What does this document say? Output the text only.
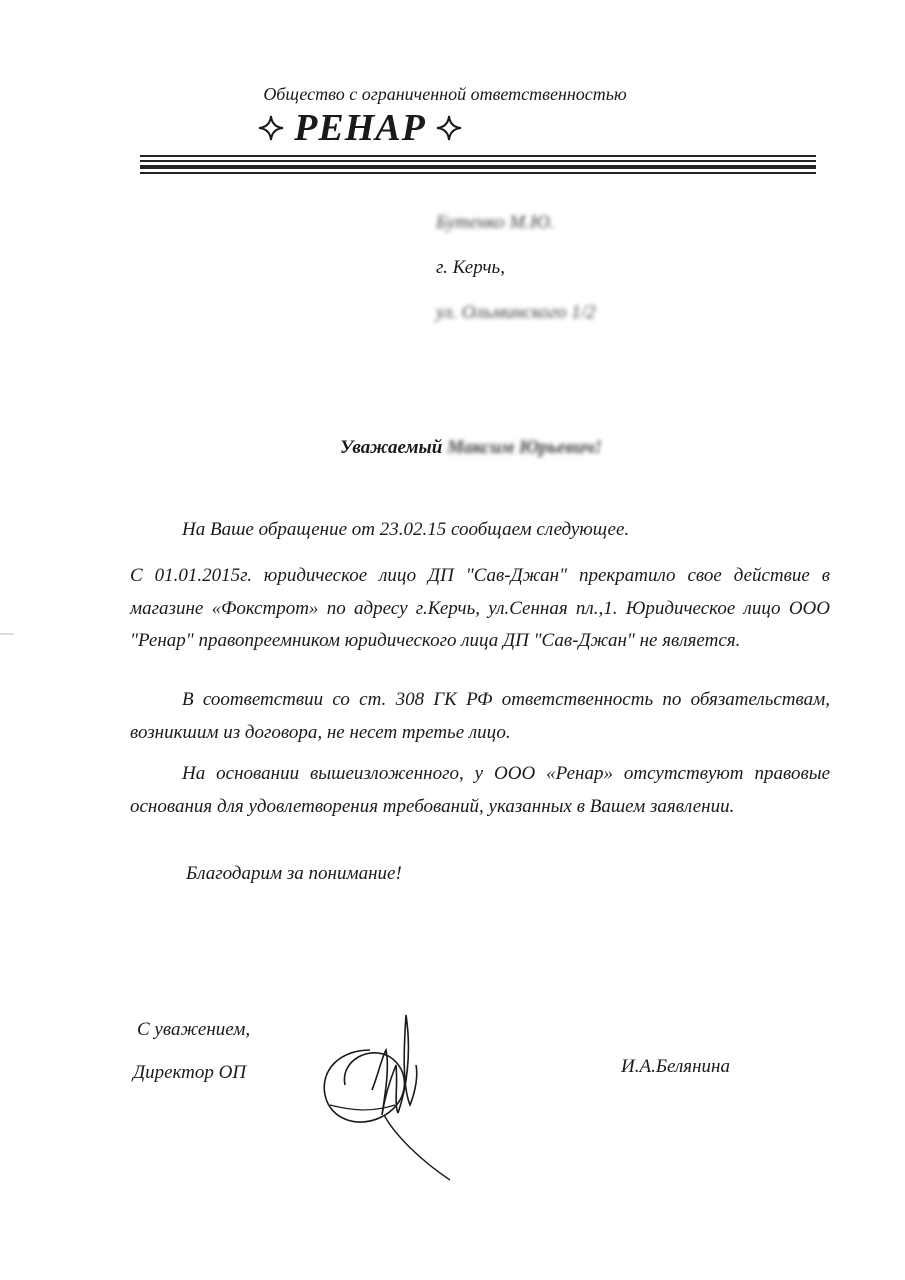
Общество с ограниченной ответственностью
РЕНАР
Бутенко М.Ю.
г. Керчь,
ул. Ольминского 1/2
Уважаемый Максим Юрьевич!
На Ваше обращение от 23.02.15 сообщаем следующее.
С 01.01.2015г. юридическое лицо ДП "Сав-Джан" прекратило свое действие в магазине «Фокстрот» по адресу г.Керчь, ул.Сенная пл.,1. Юридическое лицо ООО "Ренар" правопреемником юридического лица ДП "Сав-Джан" не является.
В соответствии со ст. 308 ГК РФ ответственность по обязательствам, возникшим из договора, не несет третье лицо.
На основании вышеизложенного, у ООО «Ренар» отсутствуют правовые основания для удовлетворения требований, указанных в Вашем заявлении.
Благодарим за понимание!
С уважением,
Директор ОП	И.А.Белянина
